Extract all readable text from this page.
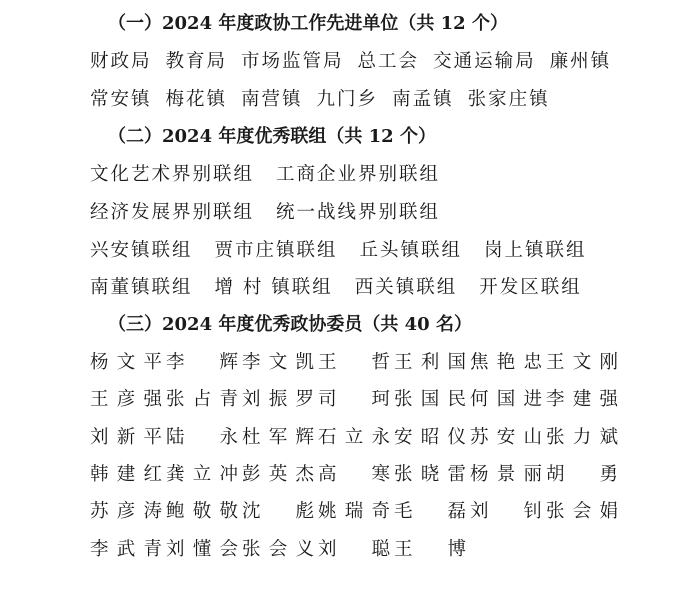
（一）2024 年度政协工作先进单位（共 12 个）
财政局 教育局 市场监管局 总工会 交通运输局 廉州镇
常安镇 梅花镇 南营镇 九门乡 南孟镇 张家庄镇
（二）2024 年度优秀联组（共 12 个）
文化艺术界别联组 工商企业界别联组
经济发展界别联组 统一战线界别联组
兴安镇联组 贾市庄镇联组 丘头镇联组 岗上镇联组
南董镇联组 增 村 镇联组 西关镇联组 开发区联组
（三）2024 年度优秀政协委员（共 40 名）
杨文平 李　辉 李文凯 王　哲 王利国 焦艳忠 王文刚
王彦强 张占青 刘振罗 司　珂 张国民 何国进 李建强
刘新平 陆　永 杜军辉 石立永 安昭仪 苏安山 张力斌
韩建红 龚立冲 彭英杰 高　寒 张晓雷 杨景丽 胡　勇
苏彦涛 鲍敬敬 沈　彪 姚瑞奇 毛　磊 刘　钊 张会娟
李武青 刘懂会 张会义 刘　聪 王　博
